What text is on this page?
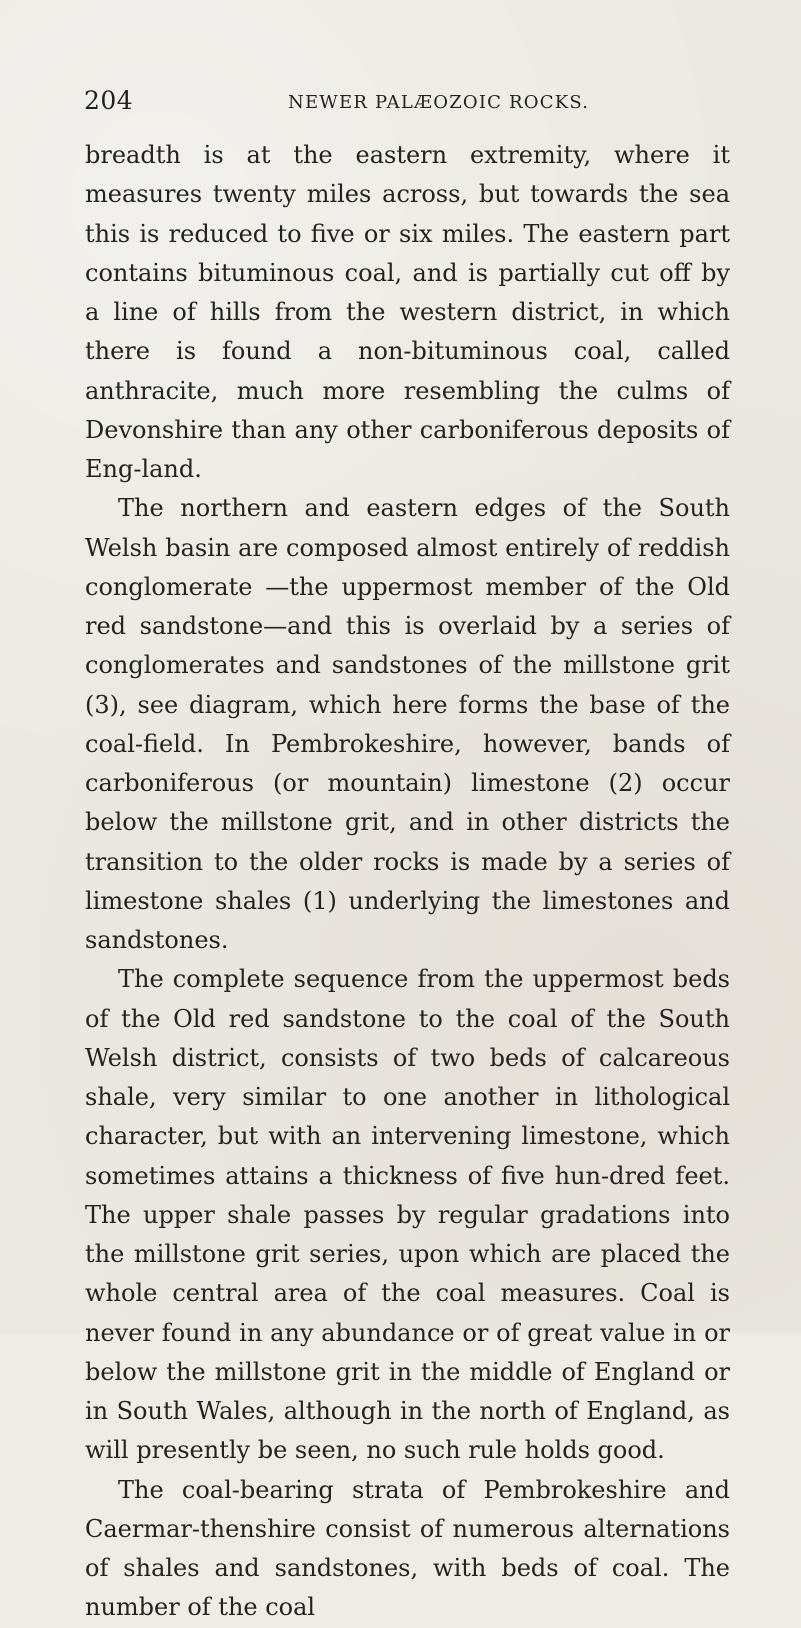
204	NEWER PALÆOZOIC ROCKS.

breadth is at the eastern extremity, where it measures twenty miles across, but towards the sea this is reduced to five or six miles. The eastern part contains bituminous coal, and is partially cut off by a line of hills from the western district, in which there is found a non-bituminous coal, called anthracite, much more resembling the culms of Devonshire than any other carboniferous deposits of Eng-land.

The northern and eastern edges of the South Welsh basin are composed almost entirely of reddish conglomerate —the uppermost member of the Old red sandstone—and this is overlaid by a series of conglomerates and sandstones of the millstone grit (3), see diagram, which here forms the base of the coal-field. In Pembrokeshire, however, bands of carboniferous (or mountain) limestone (2) occur below the millstone grit, and in other districts the transition to the older rocks is made by a series of limestone shales (1) underlying the limestones and sandstones.

The complete sequence from the uppermost beds of the Old red sandstone to the coal of the South Welsh district, consists of two beds of calcareous shale, very similar to one another in lithological character, but with an intervening limestone, which sometimes attains a thickness of five hun-dred feet. The upper shale passes by regular gradations into the millstone grit series, upon which are placed the whole central area of the coal measures. Coal is never found in any abundance or of great value in or below the millstone grit in the middle of England or in South Wales, although in the north of England, as will presently be seen, no such rule holds good.

The coal-bearing strata of Pembrokeshire and Caermar-thenshire consist of numerous alternations of shales and sandstones, with beds of coal. The number of the coal
